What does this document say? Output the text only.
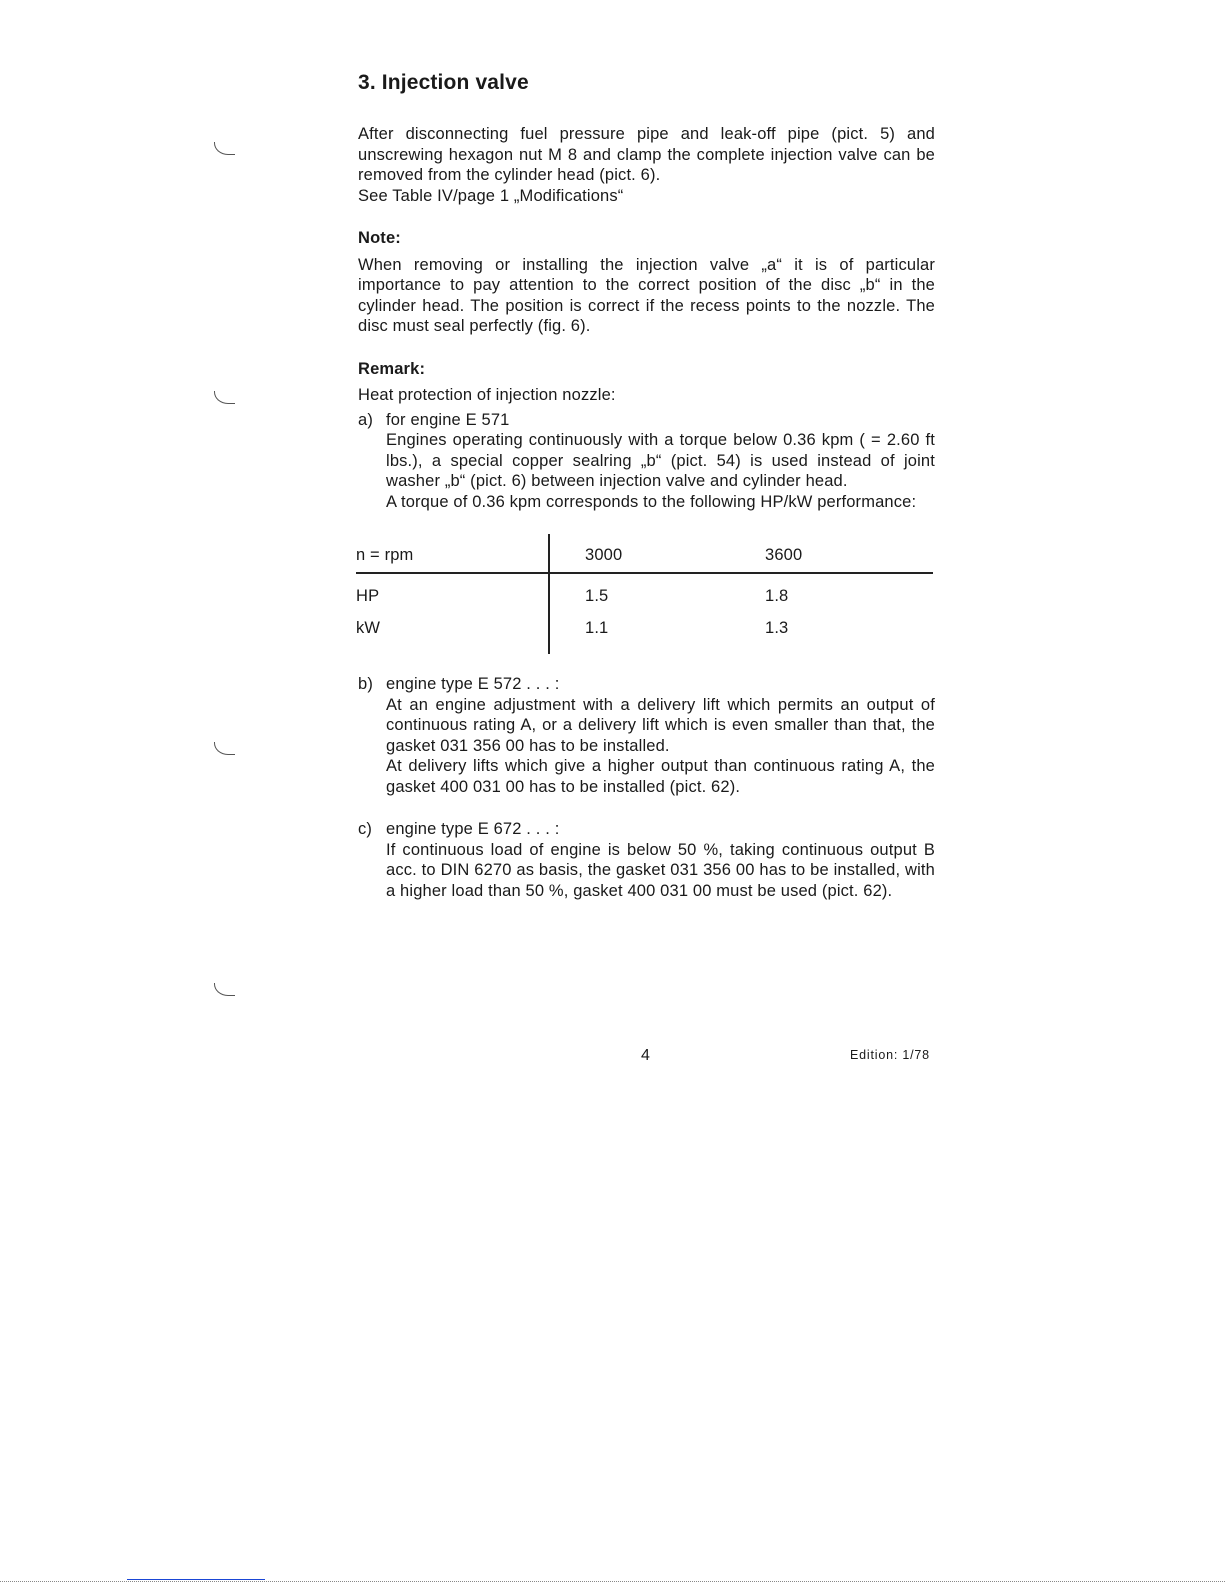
3. Injection valve

After disconnecting fuel pressure pipe and leak-off pipe (pict. 5) and unscrewing hexagon nut M 8 and clamp the complete injection valve can be removed from the cylinder head (pict. 6).

See Table IV/page 1 „Modifications“

Note:

When removing or installing the injection valve „a“ it is of particular importance to pay attention to the correct position of the disc „b“ in the cylinder head. The position is correct if the recess points to the nozzle. The disc must seal perfectly (fig. 6).

Remark:

Heat protection of injection nozzle:

a) for engine E 571

Engines operating continuously with a torque below 0.36 kpm ( = 2.60 ft lbs.), a special copper sealring „b“ (pict. 54) is used instead of joint washer „b“ (pict. 6) between injection valve and cylinder head.

A torque of 0.36 kpm corresponds to the following HP/kW performance:

n = rpm	3000	3600
HP	1.5	1.8
kW	1.1	1.3
b) engine type E 572 . . . :

At an engine adjustment with a delivery lift which permits an output of continuous rating A, or a delivery lift which is even smaller than that, the gasket 031 356 00 has to be installed.

At delivery lifts which give a higher output than continuous rating A, the gasket 400 031 00 has to be installed (pict. 62).

c) engine type E 672 . . . :

If continuous load of engine is below 50 %, taking continuous output B acc. to DIN 6270 as basis, the gasket 031 356 00 has to be installed, with a higher load than 50 %, gasket 400 031 00 must be used (pict. 62).

4	Edition: 1/78
